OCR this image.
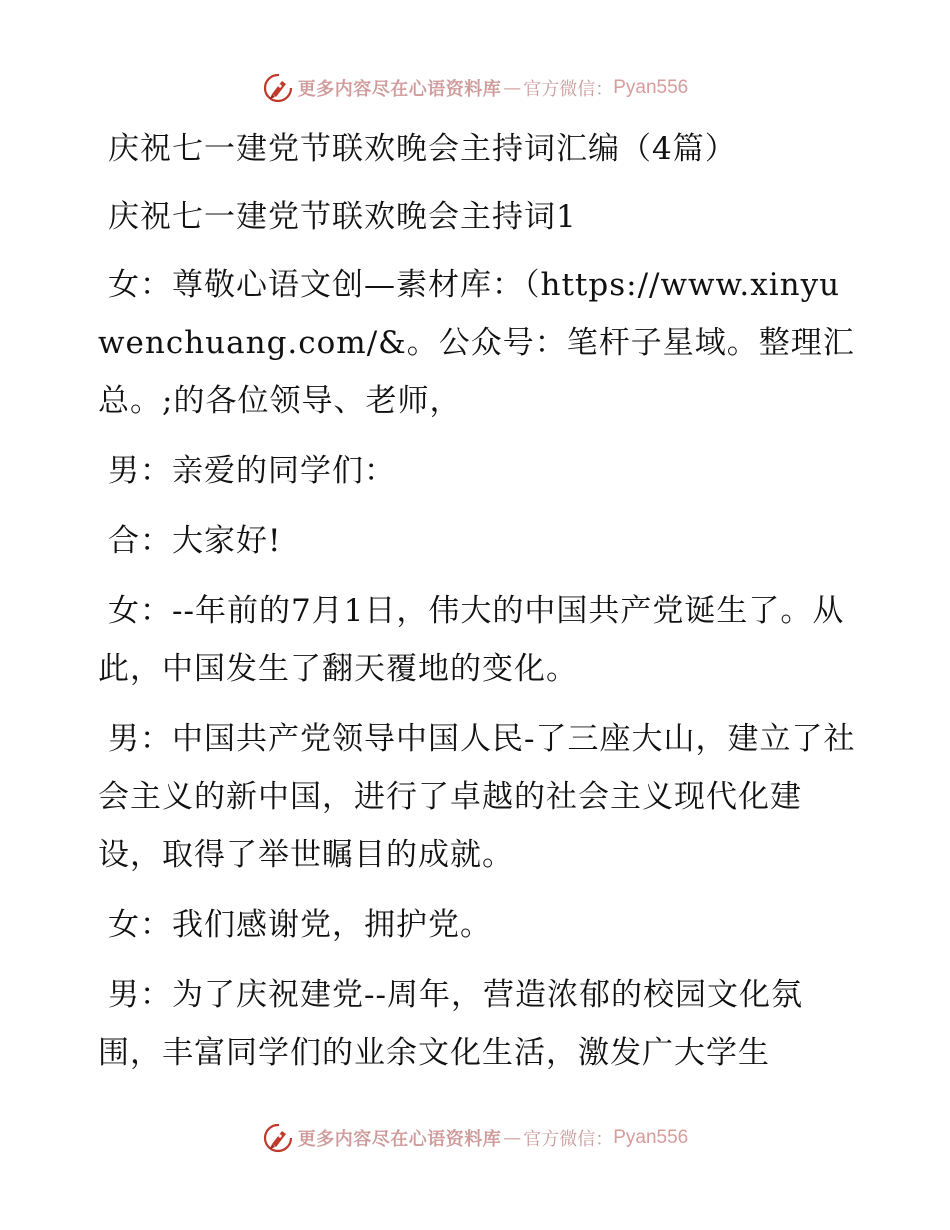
更多内容尽在心语资料库 — 官方微信： Pyan556

庆祝七一建党节联欢晚会主持词汇编（4篇）

庆祝七一建党节联欢晚会主持词1

女：尊敬心语文创—素材库：（https://www.xinyuwenchuang.com/&。公众号：笔杆子星域。整理汇总。;的各位领导、老师，

男：亲爱的同学们：

合：大家好!

女：--年前的7月1日，伟大的中国共产党诞生了。从此，中国发生了翻天覆地的变化。

男：中国共产党领导中国人民-了三座大山，建立了社会主义的新中国，进行了卓越的社会主义现代化建设，取得了举世瞩目的成就。

女：我们感谢党，拥护党。

男：为了庆祝建党--周年，营造浓郁的校园文化氛围，丰富同学们的业余文化生活，激发广大学生

更多内容尽在心语资料库 — 官方微信： Pyan556
